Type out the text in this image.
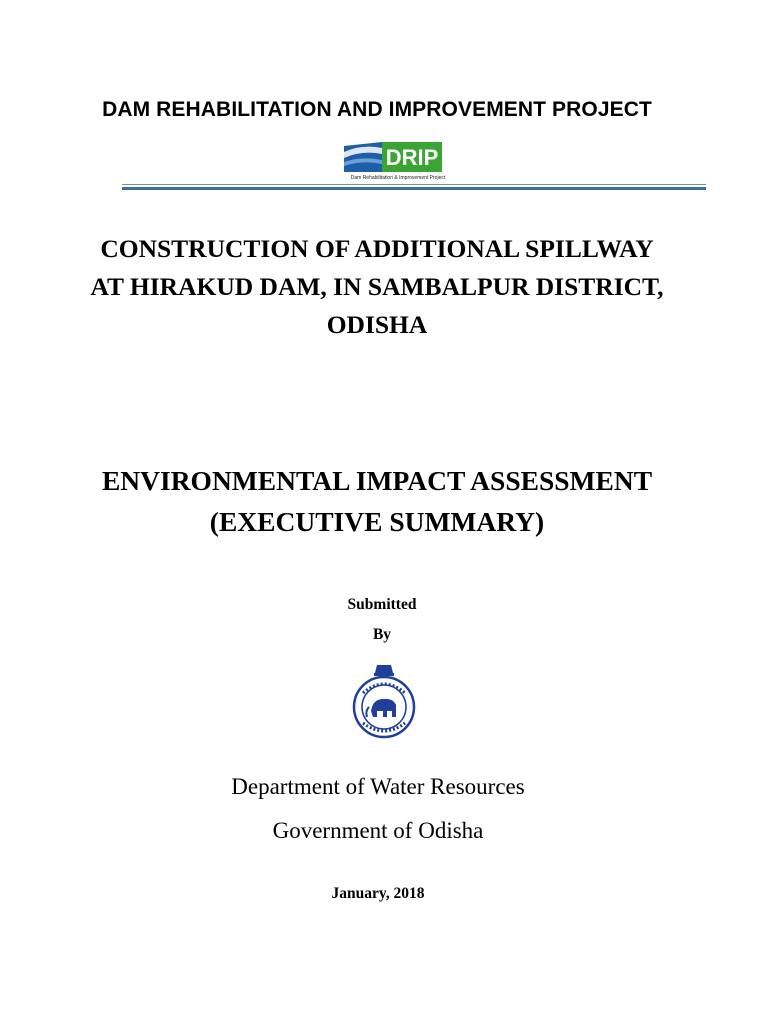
DAM REHABILITATION AND IMPROVEMENT PROJECT
DRIP
Dam Rehabilitation & Improvement Project
CONSTRUCTION OF ADDITIONAL SPILLWAY
AT HIRAKUD DAM, IN SAMBALPUR DISTRICT,
ODISHA
ENVIRONMENTAL IMPACT ASSESSMENT
(EXECUTIVE SUMMARY)
Submitted
By
Department of Water Resources
Government of Odisha
January, 2018
